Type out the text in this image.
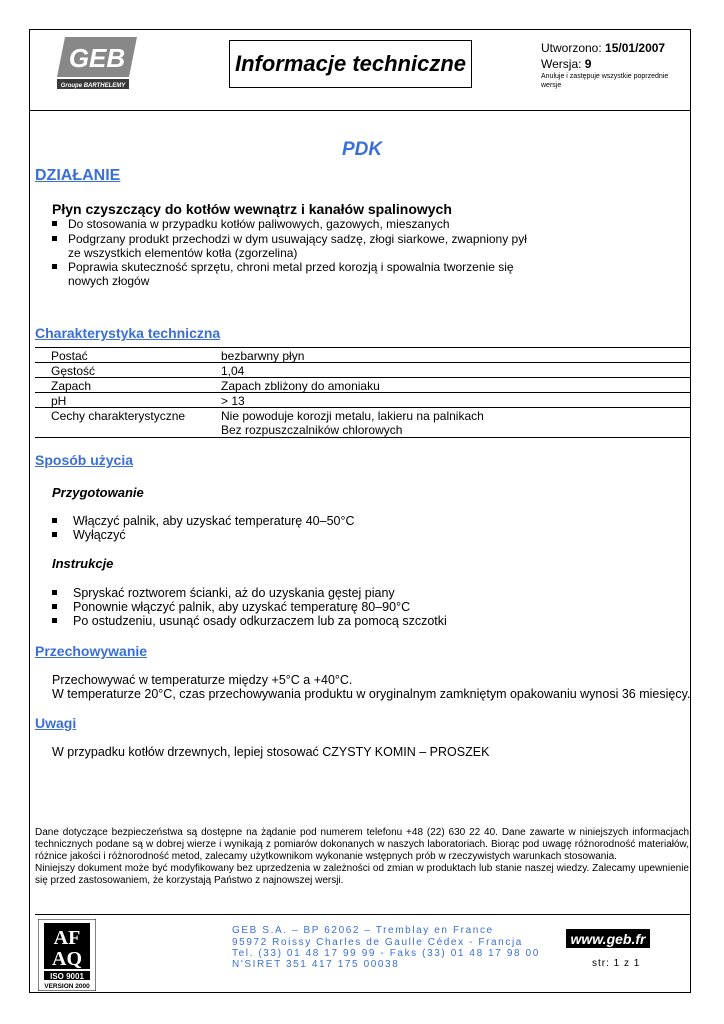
GEB
Groupe BARTHELEMY
Informacje techniczne
Utworzono: 15/01/2007
Wersja: 9
Anuluje i zastępuje wszystkie poprzednie wersje
PDK
DZIAŁANIE
Płyn czyszczący do kotłów wewnątrz i kanałów spalinowych
Do stosowania w przypadku kotłów paliwowych, gazowych, mieszanych
Podgrzany produkt przechodzi w dym usuwający sadzę, złogi siarkowe, zwapniony pył
ze wszystkich elementów kotła (zgorzelina)
Poprawia skuteczność sprzętu, chroni metal przed korozją i spowalnia tworzenie się
nowych złogów
Charakterystyka techniczna
Postać	bezbarwny płyn
Gęstość	1,04
Zapach	Zapach zbliżony do amoniaku
pH	> 13
Cechy charakterystyczne	Nie powoduje korozji metalu, lakieru na palnikach
Bez rozpuszczalników chlorowych
Sposób użycia
Przygotowanie
Włączyć palnik, aby uzyskać temperaturę 40–50°C
Wyłączyć
Instrukcje
Spryskać roztworem ścianki, aż do uzyskania gęstej piany
Ponownie włączyć palnik, aby uzyskać temperaturę 80–90°C
Po ostudzeniu, usunąć osady odkurzaczem lub za pomocą szczotki
Przechowywanie
Przechowywać w temperaturze między +5°C a +40°C.
W temperaturze 20°C, czas przechowywania produktu w oryginalnym zamkniętym opakowaniu wynosi 36 miesięcy.
Uwagi
W przypadku kotłów drzewnych, lepiej stosować CZYSTY KOMIN – PROSZEK
Dane dotyczące bezpieczeństwa są dostępne na żądanie pod numerem telefonu +48 (22) 630 22 40. Dane zawarte w niniejszych informacjach technicznych podane są w dobrej wierze i wynikają z pomiarów dokonanych w naszych laboratoriach. Biorąc pod uwagę różnorodność materiałów, różnice jakości i różnorodność metod, zalecamy użytkownikom wykonanie wstępnych prób w rzeczywistych warunkach stosowania.
Niniejszy dokument może być modyfikowany bez uprzedzenia w zależności od zmian w produktach lub stanie naszej wiedzy. Zalecamy upewnienie się przed zastosowaniem, że korzystają Państwo z najnowszej wersji.
AF
AQ
ISO 9001
VERSION 2000
GEB S.A. – BP 62062 – Tremblay en France
95972 Roissy Charles de Gaulle Cédex - Francja
Tel. (33) 01 48 17 99 99 - Faks (33) 01 48 17 98 00
N'SIRET 351 417 175 00038
www.geb.fr
str: 1 z 1
